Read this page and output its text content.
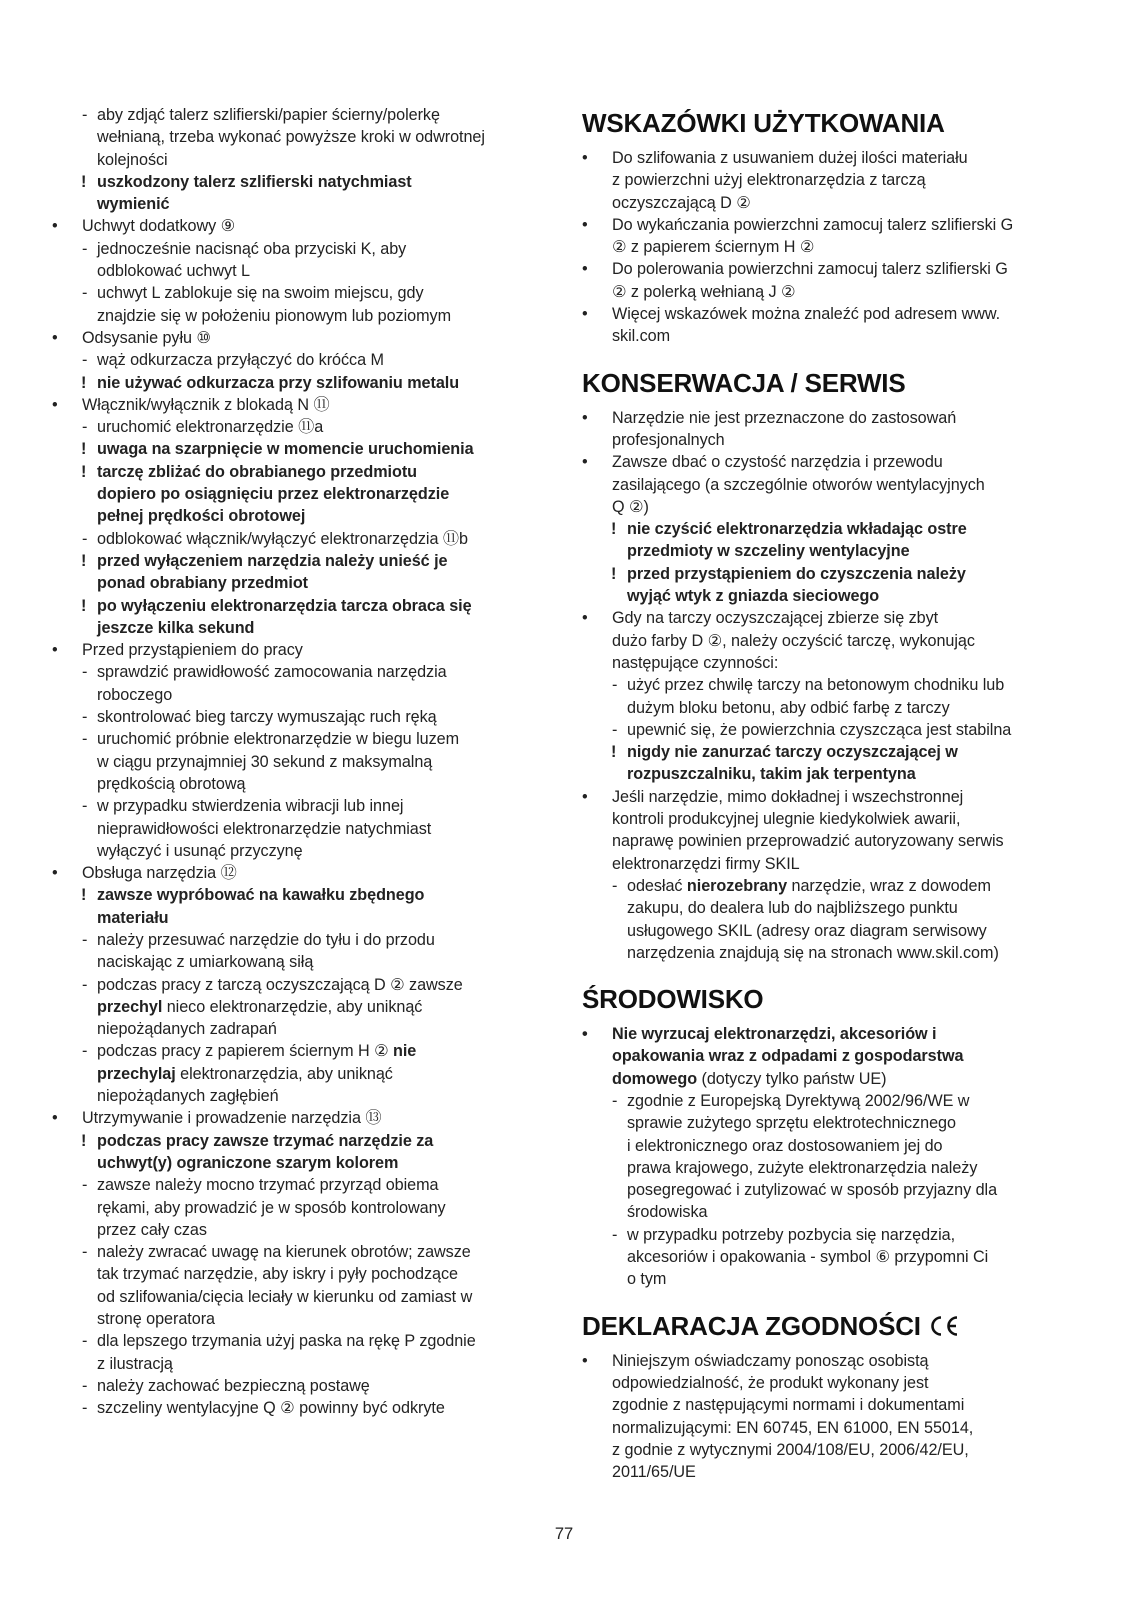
- aby zdjąć talerz szlifierski/papier ścierny/polerkę
wełnianą, trzeba wykonać powyższe kroki w odwrotnej
kolejności
! uszkodzony talerz szlifierski natychmiast
wymienić
• Uchwyt dodatkowy ⑨
- jednocześnie nacisnąć oba przyciski K, aby
odblokować uchwyt L
- uchwyt L zablokuje się na swoim miejscu, gdy
znajdzie się w położeniu pionowym lub poziomym
• Odsysanie pyłu ⑩
- wąż odkurzacza przyłączyć do króćca M
! nie używać odkurzacza przy szlifowaniu metalu
• Włącznik/wyłącznik z blokadą N ⑪
- uruchomić elektronarzędzie ⑪a
! uwaga na szarpnięcie w momencie uruchomienia
! tarczę zbliżać do obrabianego przedmiotu
dopiero po osiągnięciu przez elektronarzędzie
pełnej prędkości obrotowej
- odblokować włącznik/wyłączyć elektronarzędzia ⑪b
! przed wyłączeniem narzędzia należy unieść je
ponad obrabiany przedmiot
! po wyłączeniu elektronarzędzia tarcza obraca się
jeszcze kilka sekund
• Przed przystąpieniem do pracy
- sprawdzić prawidłowość zamocowania narzędzia
roboczego
- skontrolować bieg tarczy wymuszając ruch ręką
- uruchomić próbnie elektronarzędzie w biegu luzem
w ciągu przynajmniej 30 sekund z maksymalną
prędkością obrotową
- w przypadku stwierdzenia wibracji lub innej
nieprawidłowości elektronarzędzie natychmiast
wyłączyć i usunąć przyczynę
• Obsługa narzędzia ⑫
! zawsze wypróbować na kawałku zbędnego
materiału
- należy przesuwać narzędzie do tyłu i do przodu
naciskając z umiarkowaną siłą
- podczas pracy z tarczą oczyszczającą D ② zawsze
przechyl nieco elektronarzędzie, aby uniknąć
niepożądanych zadrapań
- podczas pracy z papierem ściernym H ② nie
przechylaj elektronarzędzia, aby uniknąć
niepożądanych zagłębień
• Utrzymywanie i prowadzenie narzędzia ⑬
! podczas pracy zawsze trzymać narzędzie za
uchwyt(y) ograniczone szarym kolorem
- zawsze należy mocno trzymać przyrząd obiema
rękami, aby prowadzić je w sposób kontrolowany
przez cały czas
- należy zwracać uwagę na kierunek obrotów; zawsze
tak trzymać narzędzie, aby iskry i pyły pochodzące
od szlifowania/cięcia leciały w kierunku od zamiast w
stronę operatora
- dla lepszego trzymania użyj paska na rękę P zgodnie
z ilustracją
- należy zachować bezpieczną postawę
- szczeliny wentylacyjne Q ② powinny być odkryte
WSKAZÓWKI UŻYTKOWANIA
• Do szlifowania z usuwaniem dużej ilości materiału
z powierzchni użyj elektronarzędzia z tarczą
oczyszczającą D ②
• Do wykańczania powierzchni zamocuj talerz szlifierski G
② z papierem ściernym H ②
• Do polerowania powierzchni zamocuj talerz szlifierski G
② z polerką wełnianą J ②
• Więcej wskazówek można znaleźć pod adresem www.
skil.com
KONSERWACJA / SERWIS
• Narzędzie nie jest przeznaczone do zastosowań
profesjonalnych
• Zawsze dbać o czystość narzędzia i przewodu
zasilającego (a szczególnie otworów wentylacyjnych
Q ②)
! nie czyścić elektronarzędzia wkładając ostre
przedmioty w szczeliny wentylacyjne
! przed przystąpieniem do czyszczenia należy
wyjąć wtyk z gniazda sieciowego
• Gdy na tarczy oczyszczającej zbierze się zbyt
dużo farby D ②, należy oczyścić tarczę, wykonując
następujące czynności:
- użyć przez chwilę tarczy na betonowym chodniku lub
dużym bloku betonu, aby odbić farbę z tarczy
- upewnić się, że powierzchnia czyszcząca jest stabilna
! nigdy nie zanurzać tarczy oczyszczającej w
rozpuszczalniku, takim jak terpentyna
• Jeśli narzędzie, mimo dokładnej i wszechstronnej
kontroli produkcyjnej ulegnie kiedykolwiek awarii,
naprawę powinien przeprowadzić autoryzowany serwis
elektronarzędzi firmy SKIL
- odesłać nierozebrany narzędzie, wraz z dowodem
zakupu, do dealera lub do najbliższego punktu
usługowego SKIL (adresy oraz diagram serwisowy
narzędzenia znajdują się na stronach www.skil.com)
ŚRODOWISKO
• Nie wyrzucaj elektronarzędzi, akcesoriów i
opakowania wraz z odpadami z gospodarstwa
domowego (dotyczy tylko państw UE)
- zgodnie z Europejską Dyrektywą 2002/96/WE w
sprawie zużytego sprzętu elektrotechnicznego
i elektronicznego oraz dostosowaniem jej do
prawa krajowego, zużyte elektronarzędzia należy
posegregować i zutylizować w sposób przyjazny dla
środowiska
- w przypadku potrzeby pozbycia się narzędzia,
akcesoriów i opakowania - symbol ⑥ przypomni Ci
o tym
DEKLARACJA ZGODNOŚCI
• Niniejszym oświadczamy ponosząc osobistą
odpowiedzialność, że produkt wykonany jest
zgodnie z następującymi normami i dokumentami
normalizującymi: EN 60745, EN 61000, EN 55014,
z godnie z wytycznymi 2004/108/EU, 2006/42/EU,
2011/65/UE
77
